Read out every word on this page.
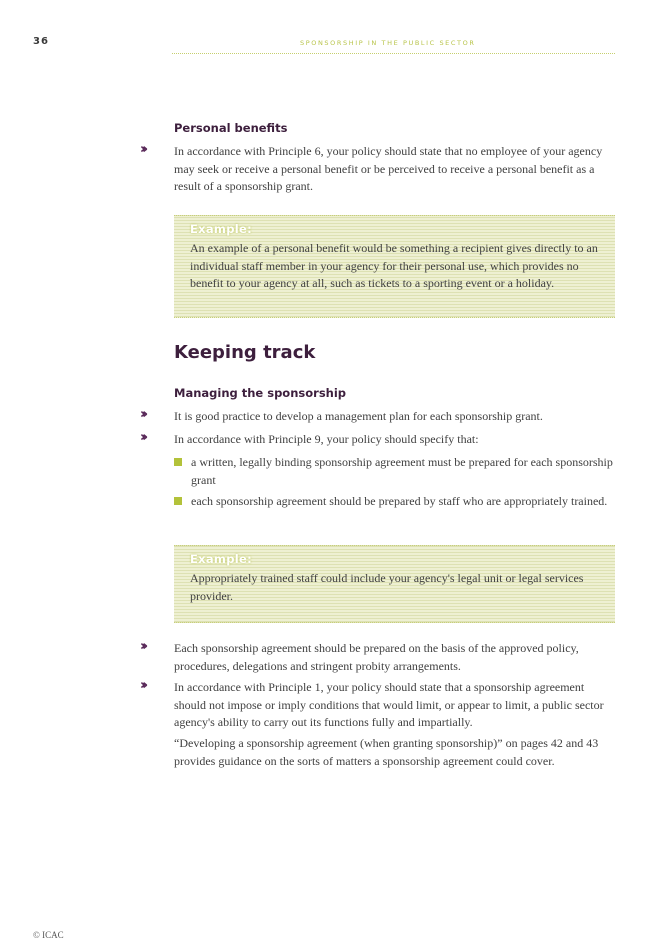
36	SPONSORSHIP IN THE PUBLIC SECTOR
Personal benefits
››› In accordance with Principle 6, your policy should state that no employee of your agency may seek or receive a personal benefit or be perceived to receive a personal benefit as a result of a sponsorship grant.
Example:
An example of a personal benefit would be something a recipient gives directly to an individual staff member in your agency for their personal use, which provides no benefit to your agency at all, such as tickets to a sporting event or a holiday.
Keeping track
Managing the sponsorship
››› It is good practice to develop a management plan for each sponsorship grant.
››› In accordance with Principle 9, your policy should specify that:
a written, legally binding sponsorship agreement must be prepared for each sponsorship grant
each sponsorship agreement should be prepared by staff who are appropriately trained.
Example:
Appropriately trained staff could include your agency's legal unit or legal services provider.
››› Each sponsorship agreement should be prepared on the basis of the approved policy, procedures, delegations and stringent probity arrangements.
››› In accordance with Principle 1, your policy should state that a sponsorship agreement should not impose or imply conditions that would limit, or appear to limit, a public sector agency's ability to carry out its functions fully and impartially.
“Developing a sponsorship agreement (when granting sponsorship)” on pages 42 and 43 provides guidance on the sorts of matters a sponsorship agreement could cover.
© ICAC
